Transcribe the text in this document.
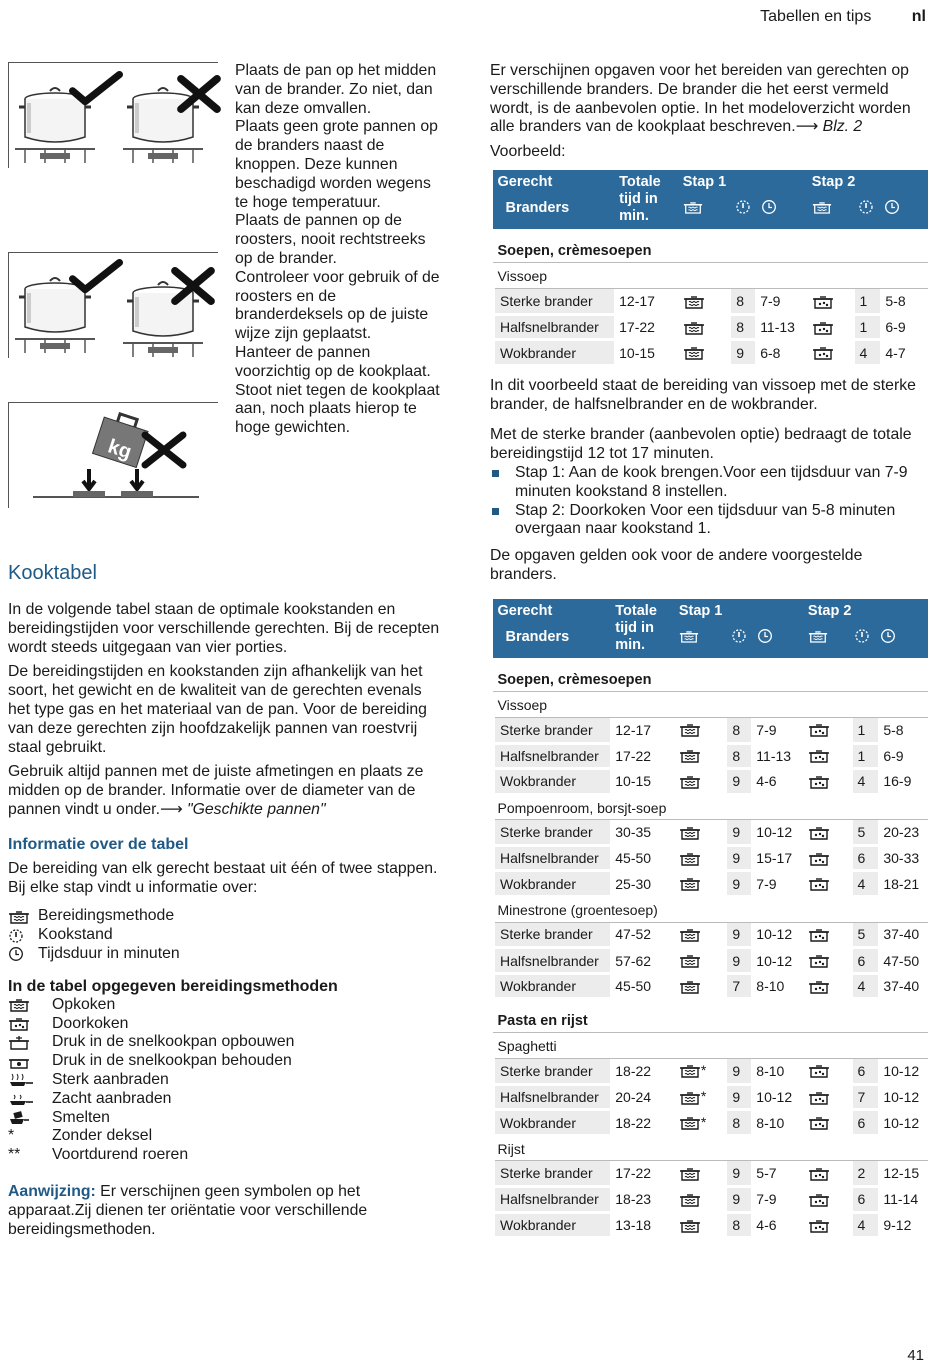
Tabellen en tips	nl
kg
Plaats de pan op het midden van de brander. Zo niet, dan kan deze omvallen.
Plaats geen grote pannen op de branders naast de knoppen. Deze kunnen beschadigd worden wegens te hoge temperatuur.
Plaats de pannen op de roosters, nooit rechtstreeks op de brander.
Controleer voor gebruik of de roosters en de branderdeksels op de juiste wijze zijn geplaatst.
Hanteer de pannen voorzichtig op de kookplaat.
Stoot niet tegen de kookplaat aan, noch plaats hierop te hoge gewichten.
Kooktabel

In de volgende tabel staan de optimale kookstanden en bereidingstijden voor verschillende gerechten. Bij de recepten wordt steeds uitgegaan van vier porties.

De bereidingstijden en kookstanden zijn afhankelijk van het soort, het gewicht en de kwaliteit van de gerechten evenals het type gas en het materiaal van de pan. Voor de bereiding van deze gerechten zijn hoofdzakelijk pannen van roestvrij staal gebruikt.

Gebruik altijd pannen met de juiste afmetingen en plaats ze midden op de brander. Informatie over de diameter van de pannen vindt u onder.⟶ "Geschikte pannen"

Informatie over de tabel

De bereiding van elk gerecht bestaat uit één of twee stappen. Bij elke stap vindt u informatie over:

Bereidingsmethode
Kookstand
Tijdsduur in minuten
In de tabel opgegeven bereidingsmethoden
Opkoken
Doorkoken
Druk in de snelkookpan opbouwen
Druk in de snelkookpan behouden
Sterk aanbraden
Zacht aanbraden
Smelten
*	Zonder deksel
**	Voortdurend roeren
Aanwijzing: Er verschijnen geen symbolen op het apparaat.Zij dienen ter oriëntatie voor verschillende bereidingsmethoden.

Er verschijnen opgaven voor het bereiden van gerechten op verschillende branders. De brander die het eerst vermeld wordt, is de aanbevolen optie. In het modeloverzicht worden alle branders van de kookplaat beschreven.⟶ Blz. 2

Voorbeeld:

Gerecht
Branders	Totale tijd in min.	Stap 1			Stap 2		

Soepen, crèmesoepen							
Vissoep							
Sterke brander	12-17		8	7-9		1	5-8
Halfsnelbrander	17-22		8	11-13		1	6-9
Wokbrander	10-15		9	6-8		4	4-7

In dit voorbeeld staat de bereiding van vissoep met de sterke brander, de halfsnelbrander en de wokbrander.

Met de sterke brander (aanbevolen optie) bedraagt de totale bereidingstijd 12 tot 17 minuten.

Stap 1: Aan de kook brengen.Voor een tijdsduur van 7-9 minuten kookstand 8 instellen.
Stap 2: Doorkoken Voor een tijdsduur van 5-8 minuten overgaan naar kookstand 1.

De opgaven gelden ook voor de andere voorgestelde branders.

Gerecht
Branders	Totale tijd in min.	Stap 1			Stap 2		

Soepen, crèmesoepen							
Vissoep							
Sterke brander	12-17		8	7-9		1	5-8
Halfsnelbrander	17-22		8	11-13		1	6-9
Wokbrander	10-15		9	4-6		4	16-9
Pompoenroom, borsjt-soep							
Sterke brander	30-35		9	10-12		5	20-23
Halfsnelbrander	45-50		9	15-17		6	30-33
Wokbrander	25-30		9	7-9		4	18-21
Minestrone (groentesoep)							
Sterke brander	47-52		9	10-12		5	37-40
Halfsnelbrander	57-62		9	10-12		6	47-50
Wokbrander	45-50		7	8-10		4	37-40
Pasta en rijst							
Spaghetti							
Sterke brander	18-22	*	9	8-10		6	10-12
Halfsnelbrander	20-24	*	9	10-12		7	10-12
Wokbrander	18-22	*	8	8-10		6	10-12
Rijst							
Sterke brander	17-22		9	5-7		2	12-15
Halfsnelbrander	18-23		9	7-9		6	11-14
Wokbrander	13-18		8	4-6		4	9-12
41
